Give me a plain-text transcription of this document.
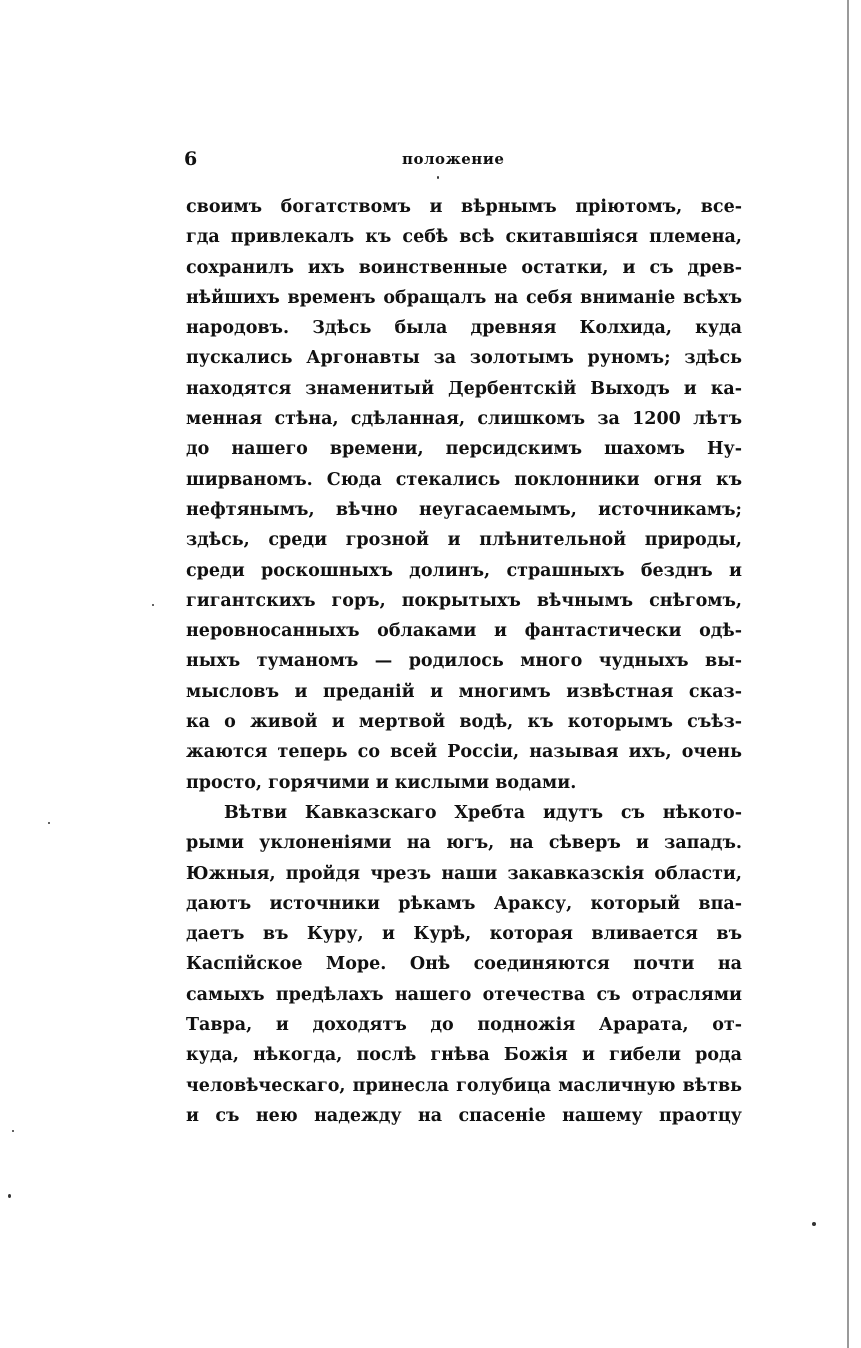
6	положение
своимъ богатствомъ и вѣрнымъ пріютомъ, все-
гда привлекалъ къ себѣ всѣ скитавшіяся племена,
сохранилъ ихъ воинственные остатки, и съ древ-
нѣйшихъ временъ обращалъ на себя вниманіе всѣхъ
народовъ. Здѣсь была древняя Колхида, куда
пускались Аргонавты за золотымъ руномъ; здѣсь
находятся знаменитый Дербентскій Выходъ и ка-
менная стѣна, сдѣланная, слишкомъ за 1200 лѣтъ
до нашего времени, персидскимъ шахомъ Ну-
ширваномъ. Сюда стекались поклонники огня къ
нефтянымъ, вѣчно неугасаемымъ, источникамъ;
здѣсь, среди грозной и плѣнительной природы,
среди роскошныхъ долинъ, страшныхъ безднъ и
гигантскихъ горъ, покрытыхъ вѣчнымъ снѣгомъ,
неровносанныхъ облаками и фантастически одѣ-
ныхъ туманомъ — родилось много чудныхъ вы-
мысловъ и преданій и многимъ извѣстная сказ-
ка о живой и мертвой водѣ, къ которымъ съѣз-
жаются теперь со всей Россіи, называя ихъ, очень
просто, горячими и кислыми водами.
Вѣтви Кавказскаго Хребта идутъ съ нѣкото-
рыми уклоненіями на югъ, на сѣверъ и западъ.
Южныя, пройдя чрезъ наши закавказскія области,
даютъ источники рѣкамъ Араксу, который впа-
даетъ въ Куру, и Курѣ, которая вливается въ
Каспійское Море. Онѣ соединяются почти на
самыхъ предѣлахъ нашего отечества съ отраслями
Тавра, и доходятъ до подножія Арарата, от-
куда, нѣкогда, послѣ гнѣва Божія и гибели рода
человѣческаго, принесла голубица масличную вѣтвь
и съ нею надежду на спасеніе нашему праотцу
